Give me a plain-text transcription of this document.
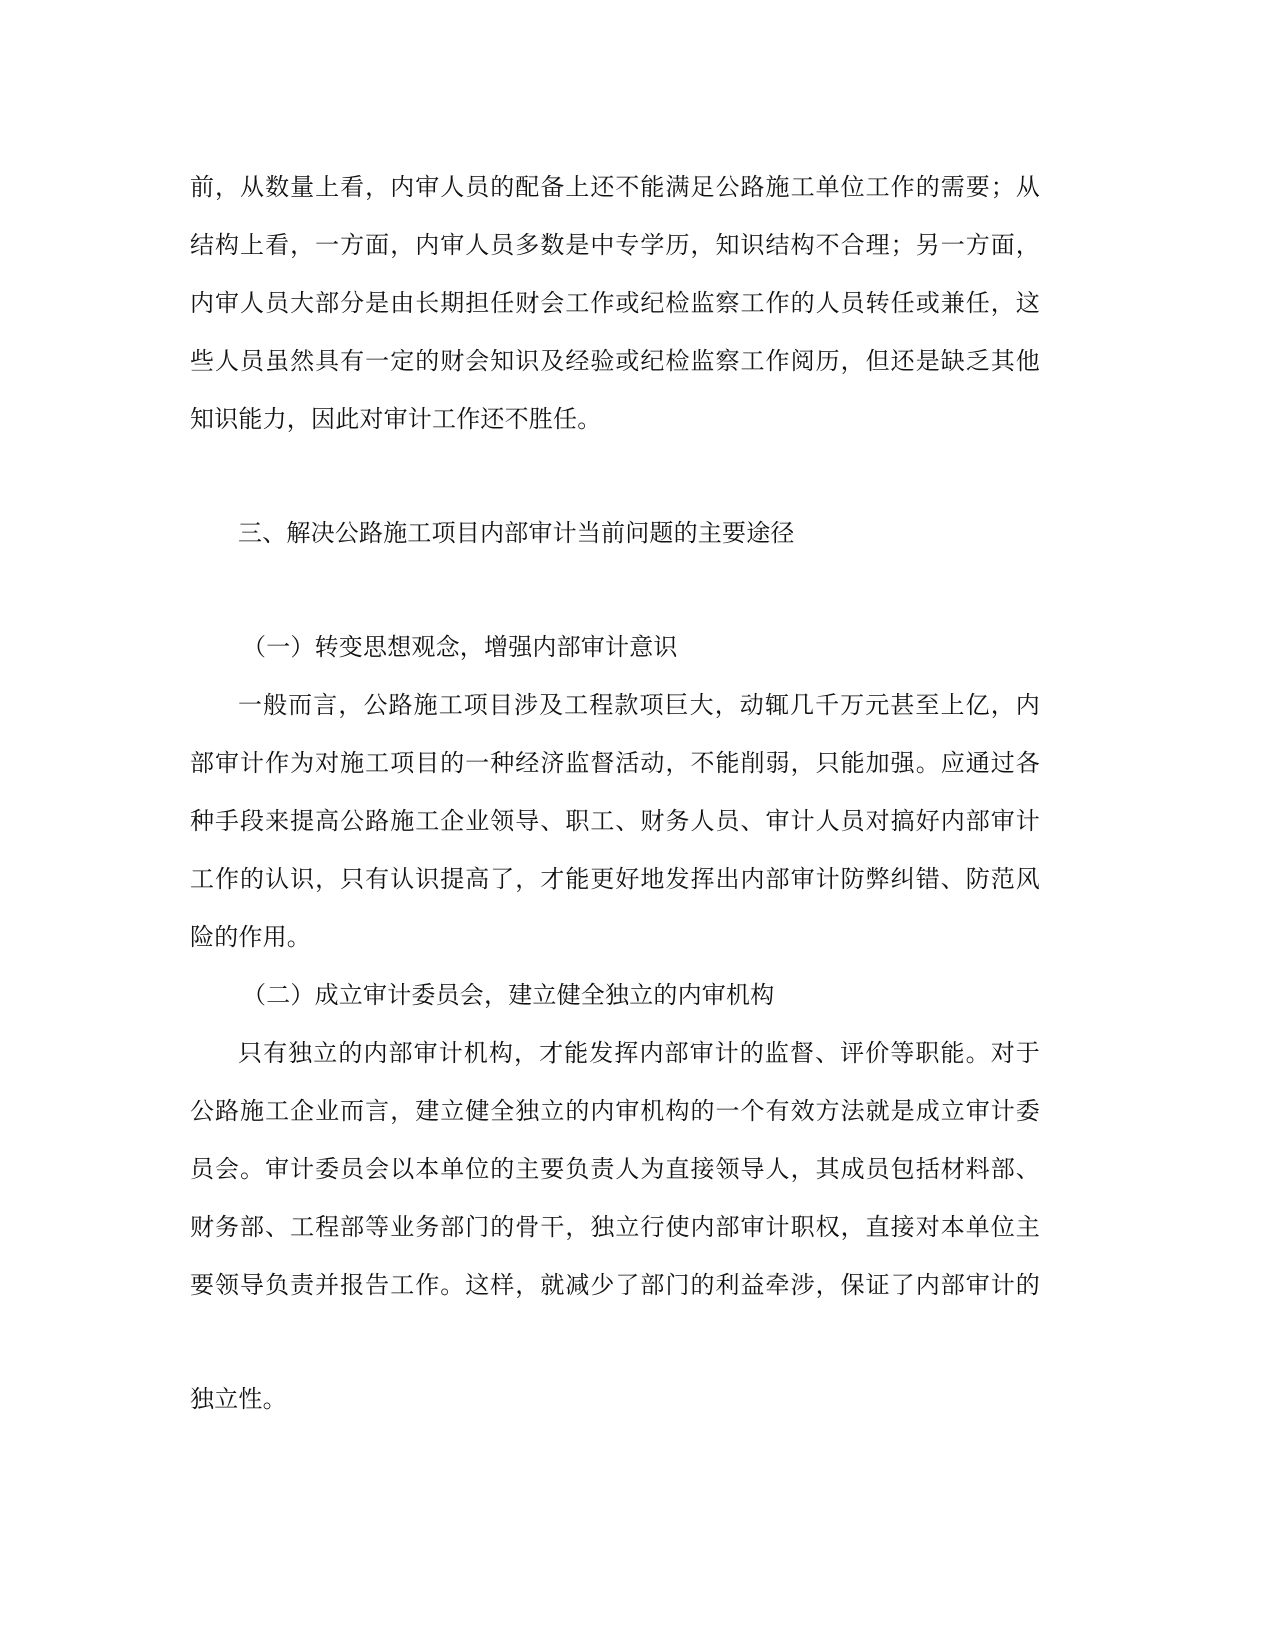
前，从数量上看，内审人员的配备上还不能满足公路施工单位工作的需要；从
结构上看，一方面，内审人员多数是中专学历，知识结构不合理；另一方面，
内审人员大部分是由长期担任财会工作或纪检监察工作的人员转任或兼任，这
些人员虽然具有一定的财会知识及经验或纪检监察工作阅历，但还是缺乏其他
知识能力，因此对审计工作还不胜任。
三、解决公路施工项目内部审计当前问题的主要途径
（一）转变思想观念，增强内部审计意识
一般而言，公路施工项目涉及工程款项巨大，动辄几千万元甚至上亿，内
部审计作为对施工项目的一种经济监督活动，不能削弱，只能加强。应通过各
种手段来提高公路施工企业领导、职工、财务人员、审计人员对搞好内部审计
工作的认识，只有认识提高了，才能更好地发挥出内部审计防弊纠错、防范风
险的作用。
（二）成立审计委员会，建立健全独立的内审机构
只有独立的内部审计机构，才能发挥内部审计的监督、评价等职能。对于
公路施工企业而言，建立健全独立的内审机构的一个有效方法就是成立审计委
员会。审计委员会以本单位的主要负责人为直接领导人，其成员包括材料部、
财务部、工程部等业务部门的骨干，独立行使内部审计职权，直接对本单位主
要领导负责并报告工作。这样，就减少了部门的利益牵涉，保证了内部审计的
独立性。
